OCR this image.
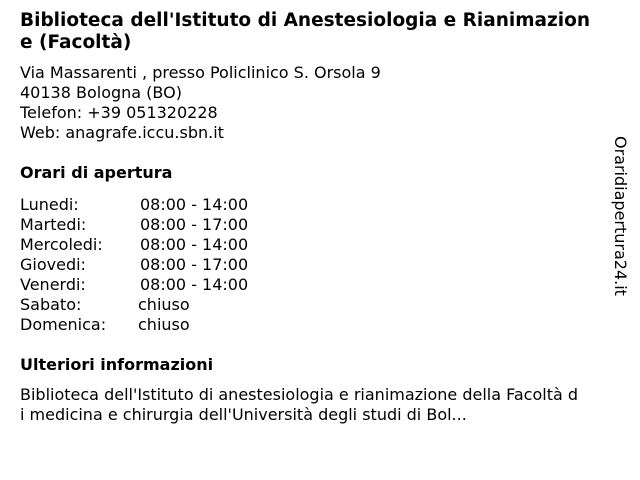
Biblioteca dell'Istituto di Anestesiologia e Rianimazione (Facoltà)
Via Massarenti , presso Policlinico S. Orsola 9
40138 Bologna (BO)
Telefon: +39 051320228
Web: anagrafe.iccu.sbn.it
Orari di apertura
Lunedi:	08:00 - 14:00
Martedi:	08:00 - 17:00
Mercoledi:	08:00 - 14:00
Giovedi:	08:00 - 17:00
Venerdi:	08:00 - 14:00
Sabato:	chiuso
Domenica:	chiuso
Ulteriori informazioni
Biblioteca dell'Istituto di anestesiologia e rianimazione della Facoltà di medicina e chirurgia dell'Università degli studi di Bol...
Oraridiapertura24.it
